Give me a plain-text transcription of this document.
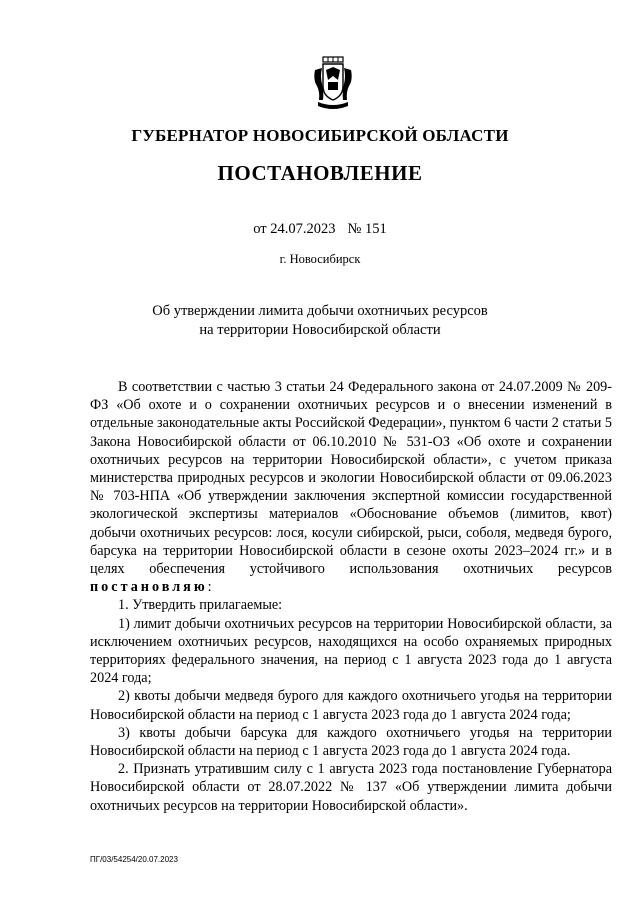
ГУБЕРНАТОР НОВОСИБИРСКОЙ ОБЛАСТИ
ПОСТАНОВЛЕНИЕ
от 24.07.2023 № 151
г. Новосибирск
Об утверждении лимита добычи охотничьих ресурсов
на территории Новосибирской области

В соответствии с частью 3 статьи 24 Федерального закона от 24.07.2009 № 209-ФЗ «Об охоте и о сохранении охотничьих ресурсов и о внесении изменений в отдельные законодательные акты Российской Федерации», пунктом 6 части 2 статьи 5 Закона Новосибирской области от 06.10.2010 № 531-ОЗ «Об охоте и сохранении охотничьих ресурсов на территории Новосибирской области», с учетом приказа министерства природных ресурсов и экологии Новосибирской области от 09.06.2023 № 703-НПА «Об утверждении заключения экспертной комиссии государственной экологической экспертизы материалов «Обоснование объемов (лимитов, квот) добычи охотничьих ресурсов: лося, косули сибирской, рыси, соболя, медведя бурого, барсука на территории Новосибирской области в сезоне охоты 2023–2024 гг.» и в целях обеспечения устойчивого использования охотничьих ресурсов постановляю:

1. Утвердить прилагаемые:

1) лимит добычи охотничьих ресурсов на территории Новосибирской области, за исключением охотничьих ресурсов, находящихся на особо охраняемых природных территориях федерального значения, на период с 1 августа 2023 года до 1 августа 2024 года;

2) квоты добычи медведя бурого для каждого охотничьего угодья на территории Новосибирской области на период с 1 августа 2023 года до 1 августа 2024 года;

3) квоты добычи барсука для каждого охотничьего угодья на территории Новосибирской области на период с 1 августа 2023 года до 1 августа 2024 года.

2. Признать утратившим силу с 1 августа 2023 года постановление Губернатора Новосибирской области от 28.07.2022 № 137 «Об утверждении лимита добычи охотничьих ресурсов на территории Новосибирской области».

ПГ/03/54254/20.07.2023
